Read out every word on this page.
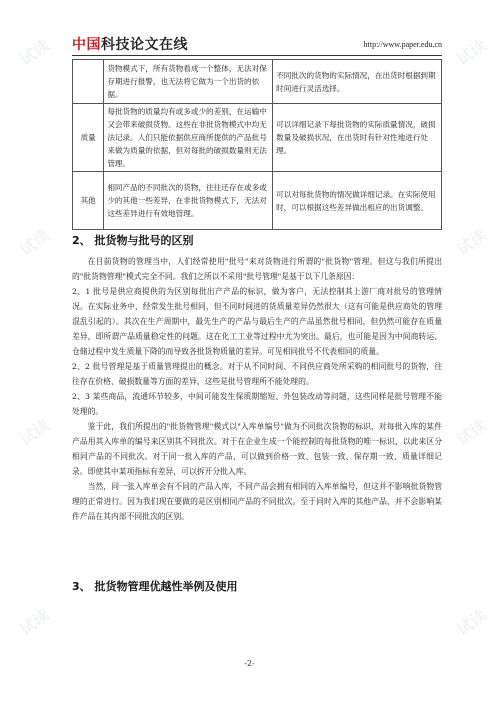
试读
试读
试读
试读
试读
试读
试读
试读
中国科技论文在线	http://www.paper.edu.cn
	货物模式下，所有货物看成一个整体，无法对保存期进行报警，也无法将它做为一个出货的依据。	不同批次的货物的实际情况，在出货时根据到期时间进行灵活选择。
质量	每批货物的质量均有或多或少的差别，在运输中又会带来破损货物。这些在非批货物模式中均无法记录。人们只能依据供应商所提供的产品批号来做为质量的依据，但对每批的破损数量则无法管理。	可以详细记录下每批货物的实际质量情况，破损数量及破损状况，在出货时有针对性地进行处理。
其他	相同产品的不同批次的货物，往往还存在或多或少的其他一些差异，在非批货物模式下，无法对这些差异进行有效地管理。	可以对每批货物的情况做详细记录。在实际使用时，可以根据这些差异做出相应的出货调整。
2、 批货物与批号的区别

在目前货物的管理当中，人们经常使用"批号"来对货物进行所谓的"批货物"管理。但这与我们所提出的"批货物管理"模式完全不同。我们之所以不采用"批号管理"是基于以下几条原因：

2、1 批号是供应商提供的为区别每批出产产品的标识，做为客户，无法控制其上游厂商对批号的管理情况。在实际业务中，经常发生批号相同，但不同时间进的货质量差异仍然很大（这有可能是供应商处的管理混乱引起的）。其次在生产周期中，最先生产的产品与最后生产的产品虽然批号相同，但仍然可能存在质量差异，即所谓产品质量稳定性的问题。这在化工工业等过程中尤为突出。最后，也可能是因为中间商转运、仓储过程中发生质量下降的而导致各批货物质量的差异。可见相同批号不代表相同的质量。

2、2 批号管理是基于质量管理提出的概念。对于从不同时间、不同供应商处所采购的相同批号的货物，往往存在价格、破损数量等方面的差异，这些是批号管理所不能处理的。

2、3 某些商品，流通环节较多，中间可能发生保质期缩短、外包装改动等问题，这些同样是批号管理不能处理的。

鉴于此，我们所提出的"批货物管理"模式以"入库单编号"做为不同批次货物的标识，对每批入库的某件产品用其入库单的编号来区别其不同批次。对于在企业生成一个能控制的每批货物的唯一标识，以此来区分相同产品的不同批次。对于同一批入库的产品，可以做到价格一致、包装一致、保存期一致、质量详细记录。即使其中某项指标有差异，可以拆开分批入库。

当然，同一张入库单会有不同的产品入库，不同产品会拥有相同的入库单编号，但这并不影响批货物管理的正常进行。因为我们现在要做的是区别相同产品的不同批次。至于同时入库的其他产品，并不会影响某件产品在其内部不同批次的区别。

3、 批货物管理优越性举例及使用
-2-
